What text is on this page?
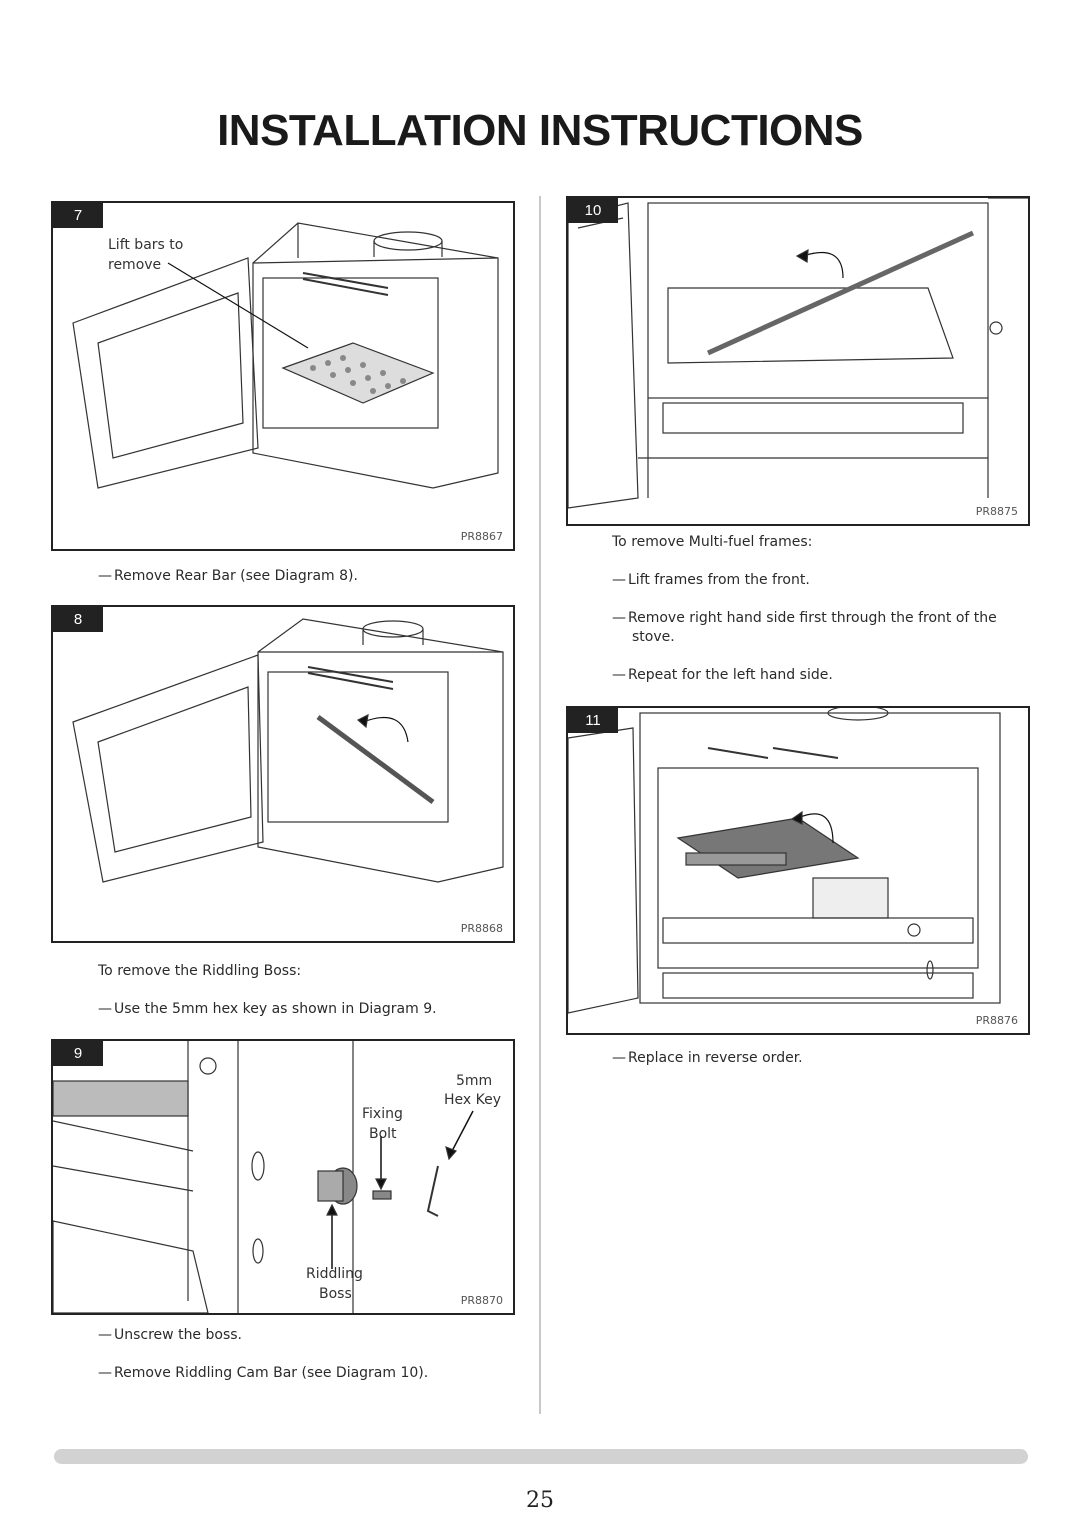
INSTALLATION INSTRUCTIONS
7
Lift bars to
remove
PR8867
— Remove Rear Bar (see Diagram 8).
8
PR8868
To remove the Riddling Boss:
— Use the 5mm hex key as shown in Diagram 9.
9
5mm
Hex Key
Fixing
Bolt
Riddling
Boss	PR8870
— Unscrew the boss.
— Remove Riddling Cam Bar (see Diagram 10).
10
PR8875
To remove Multi-fuel frames:
— Lift frames from the front.
— Remove right hand side first through the front of the stove.
— Repeat for the left hand side.
11
PR8876
— Replace in reverse order.
25
